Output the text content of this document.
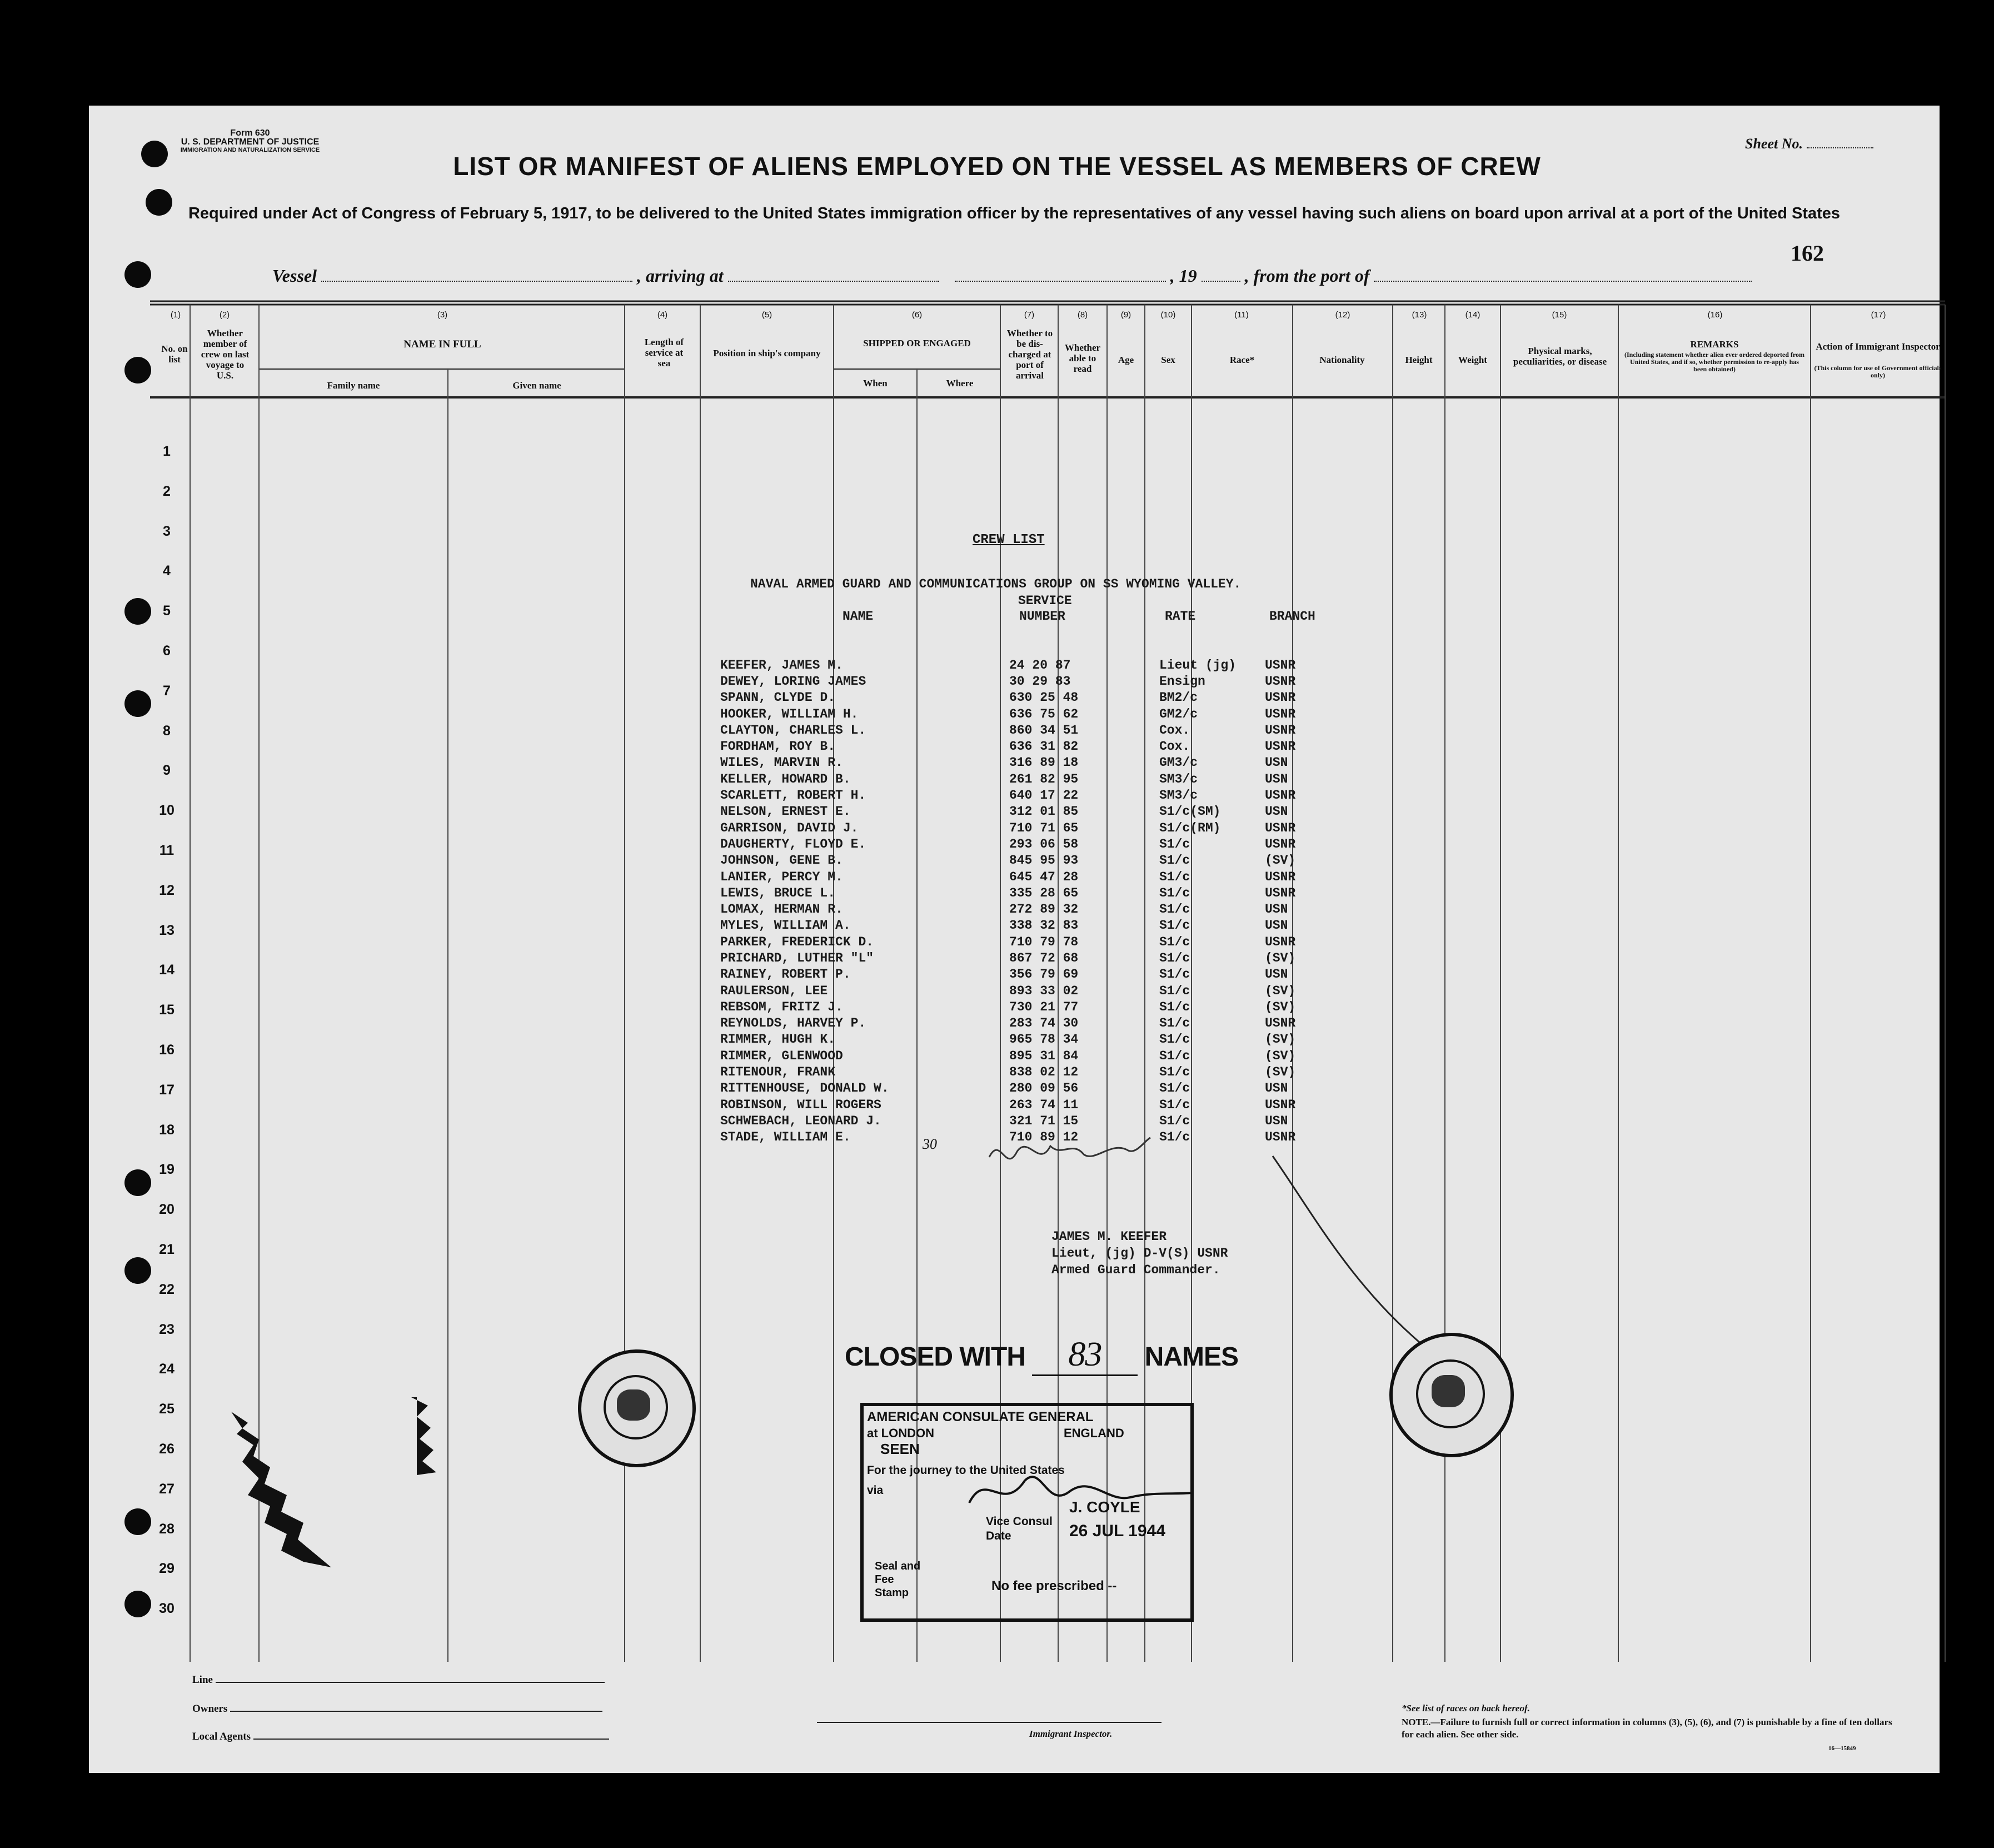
Form 630
U. S. DEPARTMENT OF JUSTICE
IMMIGRATION AND NATURALIZATION SERVICE	Sheet No.
LIST OR MANIFEST OF ALIENS EMPLOYED ON THE VESSEL AS MEMBERS OF CREW
Required under Act of Congress of February 5, 1917, to be delivered to the United States immigration officer by the representatives of any vessel having such aliens on board upon arrival at a port of the United States
162
Vessel	, arriving at	, 19	, from the port of
(1)	(2)	(3)	(4)	(5)	(6)	(7)	(8)	(9)	(10)	(11)	(12)	(13)	(14)	(15)	(16)	(17)
No. on list
Whether member of crew on last voyage to U.S.
NAME IN FULL
Family name	Given name
Length of service at sea
Position in ship's company
SHIPPED OR ENGAGED
When	Where
Whether to be dis-charged at port of arrival
Whether able to read
Age	Sex	Race*	Nationality	Height	Weight
Physical marks, peculiarities, or disease
REMARKS
(Including statement whether alien ever ordered deported from United States, and if so, whether permission to re-apply has been obtained)
Action of Immigrant Inspector
(This column for use of Government officials only)
1
2
3
4
5
6
7
8
9
10
11
12
13
14
15
16
17
18
19
20
21
22
23
24
25
26
27
28
29
30
CREW LIST
NAVAL ARMED GUARD AND COMMUNICATIONS GROUP ON SS WYOMING VALLEY.
SERVICE
NAME	NUMBER	RATE	BRANCH
KEEFER, JAMES M.	24 20 87	Lieut (jg)	USNR
DEWEY, LORING JAMES	30 29 83	Ensign	USNR
SPANN, CLYDE D.	630 25 48	BM2/c	USNR
HOOKER, WILLIAM H.	636 75 62	GM2/c	USNR
CLAYTON, CHARLES L.	860 34 51	Cox.	USNR
FORDHAM, ROY B.	636 31 82	Cox.	USNR
WILES, MARVIN R.	316 89 18	GM3/c	USN
KELLER, HOWARD B.	261 82 95	SM3/c	USN
SCARLETT, ROBERT H.	640 17 22	SM3/c	USNR
NELSON, ERNEST E.	312 01 85	S1/c(SM)	USN
GARRISON, DAVID J.	710 71 65	S1/c(RM)	USNR
DAUGHERTY, FLOYD E.	293 06 58	S1/c	USNR
JOHNSON, GENE B.	845 95 93	S1/c	(SV)
LANIER, PERCY M.	645 47 28	S1/c	USNR
LEWIS, BRUCE L.	335 28 65	S1/c	USNR
LOMAX, HERMAN R.	272 89 32	S1/c	USN
MYLES, WILLIAM A.	338 32 83	S1/c	USN
PARKER, FREDERICK D.	710 79 78	S1/c	USNR
PRICHARD, LUTHER "L"	867 72 68	S1/c	(SV)
RAINEY, ROBERT P.	356 79 69	S1/c	USN
RAULERSON, LEE	893 33 02	S1/c	(SV)
REBSOM, FRITZ J.	730 21 77	S1/c	(SV)
REYNOLDS, HARVEY P.	283 74 30	S1/c	USNR
RIMMER, HUGH K.	965 78 34	S1/c	(SV)
RIMMER, GLENWOOD	895 31 84	S1/c	(SV)
RITENOUR, FRANK	838 02 12	S1/c	(SV)
RITTENHOUSE, DONALD W.	280 09 56	S1/c	USN
ROBINSON, WILL ROGERS	263 74 11	S1/c	USNR
SCHWEBACH, LEONARD J.	321 71 15	S1/c	USN
STADE, WILLIAM E.	710 89 12	S1/c	USNR
30
JAMES M. KEEFER
Lieut, (jg) D-V(S) USNR
Armed Guard Commander.
CLOSED WITH 83 NAMES
AMERICAN CONSULATE GENERAL
at LONDON	ENGLAND
SEEN
For the journey to the United States
via
J. COYLE
Vice Consul
Date	26 JUL 1944
Seal and Fee Stamp	No fee prescribed --
Line
Owners
Local Agents	Immigrant Inspector.
*See list of races on back hereof.
NOTE.—Failure to furnish full or correct information in columns (3), (5), (6), and (7) is punishable by a fine of ten dollars for each alien. See other side.
16—15849
